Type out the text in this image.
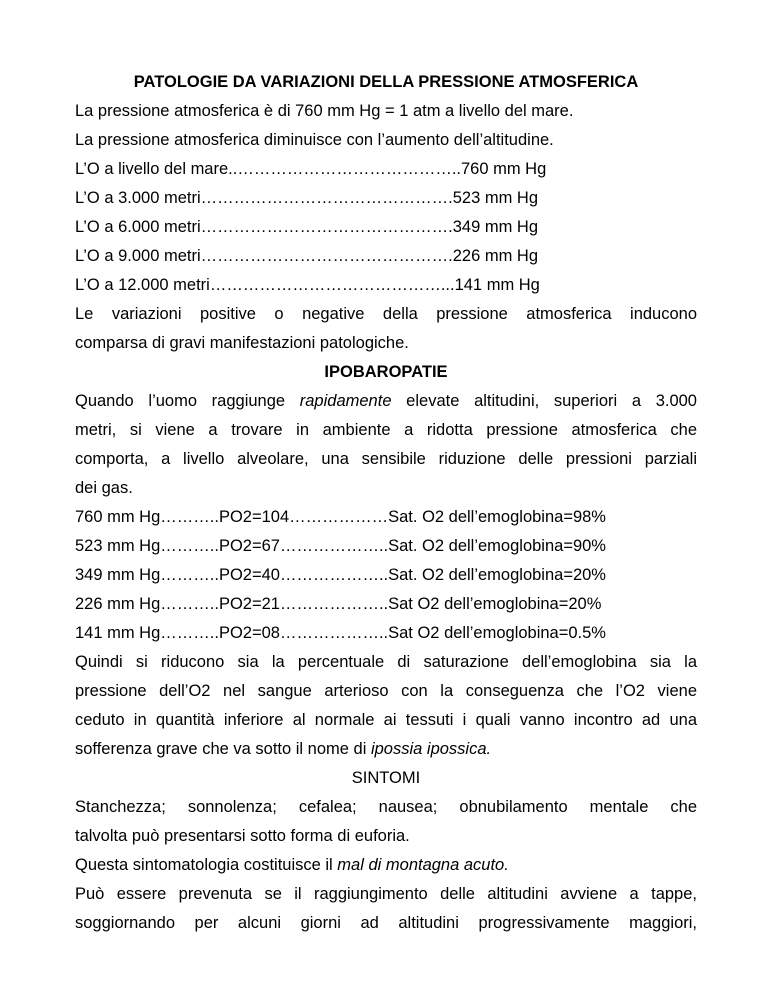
PATOLOGIE DA VARIAZIONI DELLA PRESSIONE ATMOSFERICA
La pressione atmosferica è di 760 mm Hg = 1 atm a livello del mare.
La pressione atmosferica diminuisce con l’aumento dell’altitudine.
L’O a livello del mare..…………………………………..760 mm Hg
L’O a 3.000 metri……………………………………….523 mm Hg
L’O a 6.000 metri……………………………………….349 mm Hg
L’O a 9.000 metri……………………………………….226 mm Hg
L’O a 12.000 metri……………………………………...141 mm Hg
Le variazioni positive o negative della pressione atmosferica inducono
comparsa di gravi manifestazioni patologiche.
IPOBAROPATIE
Quando l’uomo raggiunge rapidamente elevate altitudini, superiori a 3.000
metri, si viene a trovare in ambiente a ridotta pressione atmosferica che
comporta, a livello alveolare, una sensibile riduzione delle pressioni parziali
dei gas.
760 mm Hg………..PO2=104………………Sat. O2 dell’emoglobina=98%
523 mm Hg………..PO2=67………………..Sat. O2 dell’emoglobina=90%
349 mm Hg………..PO2=40………………..Sat. O2 dell’emoglobina=20%
226 mm Hg………..PO2=21………………..Sat O2 dell’emoglobina=20%
141 mm Hg………..PO2=08………………..Sat O2 dell’emoglobina=0.5%
Quindi si riducono sia la percentuale di saturazione dell’emoglobina sia la
pressione dell’O2 nel sangue arterioso con la conseguenza che l’O2 viene
ceduto in quantità inferiore al normale ai tessuti i quali vanno incontro ad una
sofferenza grave che va sotto il nome di ipossia ipossica.
SINTOMI
Stanchezza; sonnolenza; cefalea; nausea; obnubilamento mentale che
talvolta può presentarsi sotto forma di euforia.
Questa sintomatologia costituisce il mal di montagna acuto.
Può essere prevenuta se il raggiungimento delle altitudini avviene a tappe,
soggiornando per alcuni giorni ad altitudini progressivamente maggiori,
